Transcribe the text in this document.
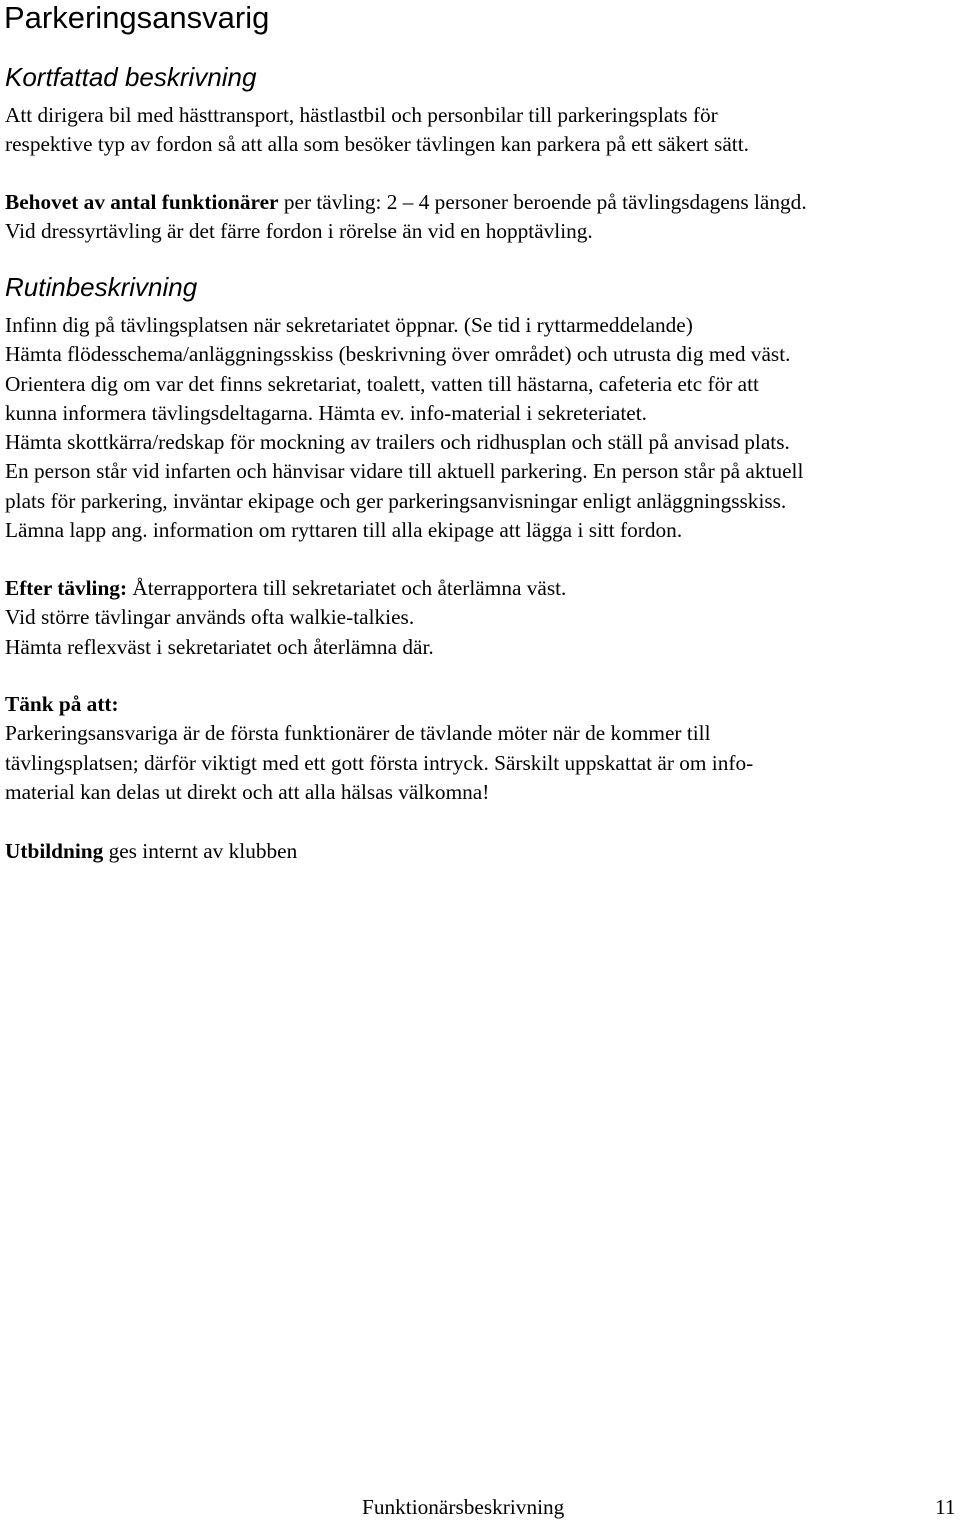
Parkeringsansvarig
Kortfattad beskrivning
Att dirigera bil med hästtransport, hästlastbil och personbilar till parkeringsplats för
respektive typ av fordon så att alla som besöker tävlingen kan parkera på ett säkert sätt.
Behovet av antal funktionärer per tävling: 2 – 4 personer beroende på tävlingsdagens längd.
Vid dressyrtävling är det färre fordon i rörelse än vid en hopptävling.
Rutinbeskrivning
Infinn dig på tävlingsplatsen när sekretariatet öppnar. (Se tid i ryttarmeddelande)
Hämta flödesschema/anläggningsskiss (beskrivning över området) och utrusta dig med väst.
Orientera dig om var det finns sekretariat, toalett, vatten till hästarna, cafeteria etc för att
kunna informera tävlingsdeltagarna. Hämta ev. info-material i sekreteriatet.
Hämta skottkärra/redskap för mockning av trailers och ridhusplan och ställ på anvisad plats.
En person står vid infarten och hänvisar vidare till aktuell parkering. En person står på aktuell
plats för parkering, inväntar ekipage och ger parkeringsanvisningar enligt anläggningsskiss.
Lämna lapp ang. information om ryttaren till alla ekipage att lägga i sitt fordon.
Efter tävling: Återrapportera till sekretariatet och återlämna väst.
Vid större tävlingar används ofta walkie-talkies.
Hämta reflexväst i sekretariatet och återlämna där.
Tänk på att:
Parkeringsansvariga är de första funktionärer de tävlande möter när de kommer till
tävlingsplatsen; därför viktigt med ett gott första intryck. Särskilt uppskattat är om info-
material kan delas ut direkt och att alla hälsas välkomna!
Utbildning ges internt av klubben
Funktionärsbeskrivning	11
